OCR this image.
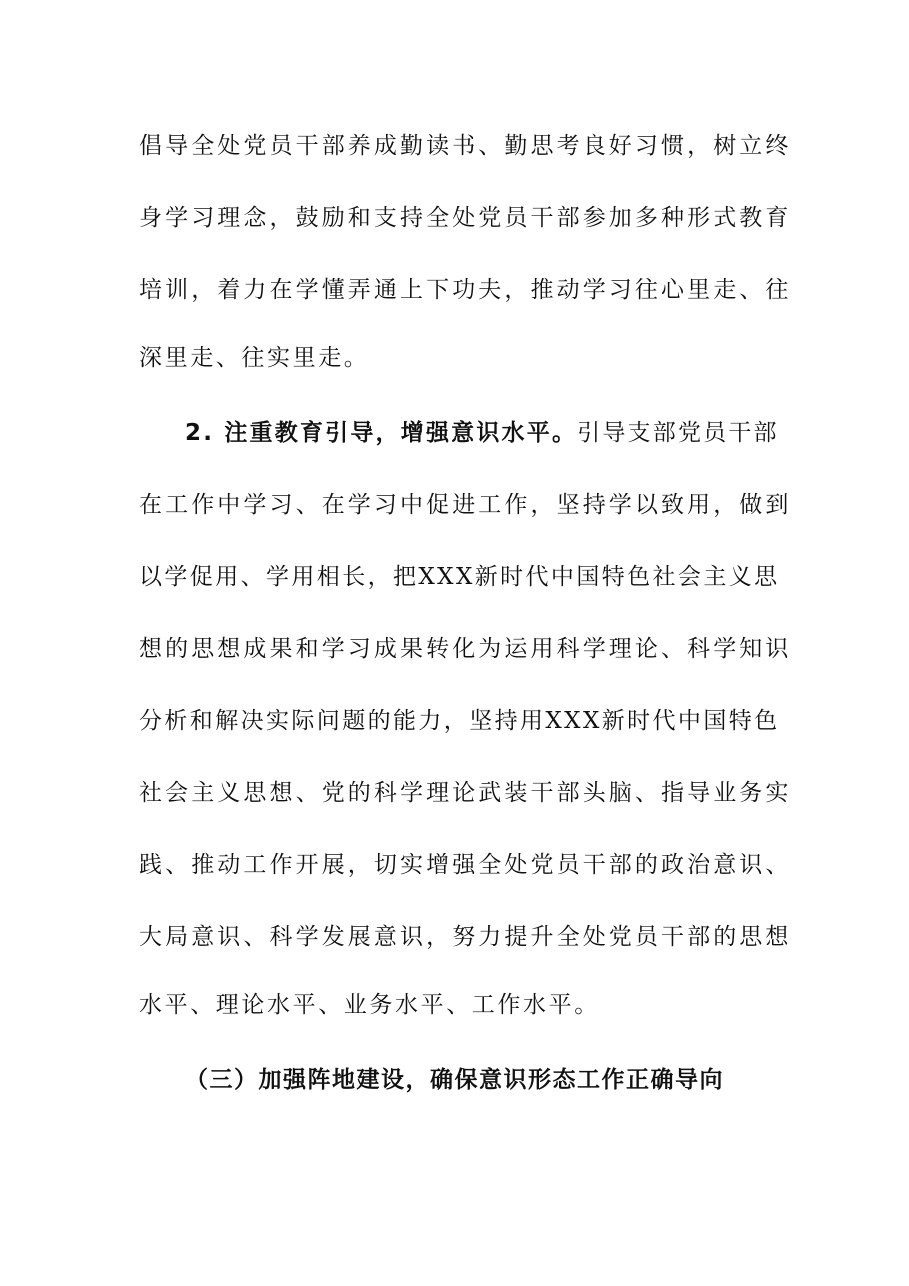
倡导全处党员干部养成勤读书、勤思考良好习惯，树立终
身学习理念，鼓励和支持全处党员干部参加多种形式教育
培训，着力在学懂弄通上下功夫，推动学习往心里走、往
深里走、往实里走。
2. 注重教育引导，增强意识水平。引导支部党员干部
在工作中学习、在学习中促进工作，坚持学以致用，做到
以学促用、学用相长，把XXX新时代中国特色社会主义思
想的思想成果和学习成果转化为运用科学理论、科学知识
分析和解决实际问题的能力，坚持用XXX新时代中国特色
社会主义思想、党的科学理论武装干部头脑、指导业务实
践、推动工作开展，切实增强全处党员干部的政治意识、
大局意识、科学发展意识，努力提升全处党员干部的思想
水平、理论水平、业务水平、工作水平。
（三）加强阵地建设，确保意识形态工作正确导向
